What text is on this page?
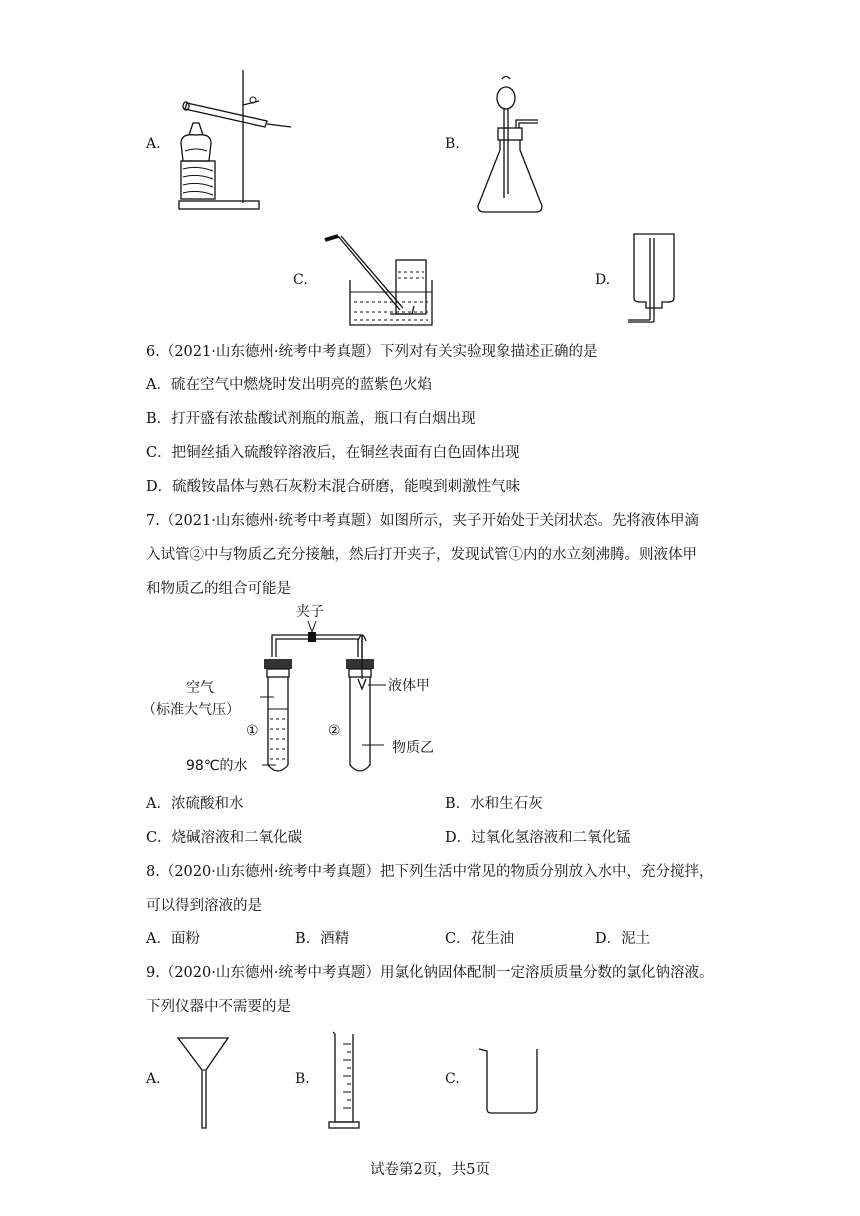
A.	B.
C.	D.
6.（2021·山东德州·统考中考真题）下列对有关实验现象描述正确的是
A．硫在空气中燃烧时发出明亮的蓝紫色火焰
B．打开盛有浓盐酸试剂瓶的瓶盖，瓶口有白烟出现
C．把铜丝插入硫酸锌溶液后，在铜丝表面有白色固体出现
D．硫酸铵晶体与熟石灰粉末混合研磨，能嗅到刺激性气味
7.（2021·山东德州·统考中考真题）如图所示，夹子开始处于关闭状态。先将液体甲滴
入试管②中与物质乙充分接触，然后打开夹子，发现试管①内的水立刻沸腾。则液体甲
和物质乙的组合可能是
夹子
空气
（标准大气压）
①	②
98℃的水
液体甲
物质乙
A．浓硫酸和水	B．水和生石灰
C．烧碱溶液和二氧化碳	D．过氧化氢溶液和二氧化锰
8.（2020·山东德州·统考中考真题）把下列生活中常见的物质分别放入水中，充分搅拌，
可以得到溶液的是
A．面粉	B．酒精	C．花生油	D．泥土
9.（2020·山东德州·统考中考真题）用氯化钠固体配制一定溶质质量分数的氯化钠溶液。
下列仪器中不需要的是
A.	B.	C.
试卷第2页，共5页
